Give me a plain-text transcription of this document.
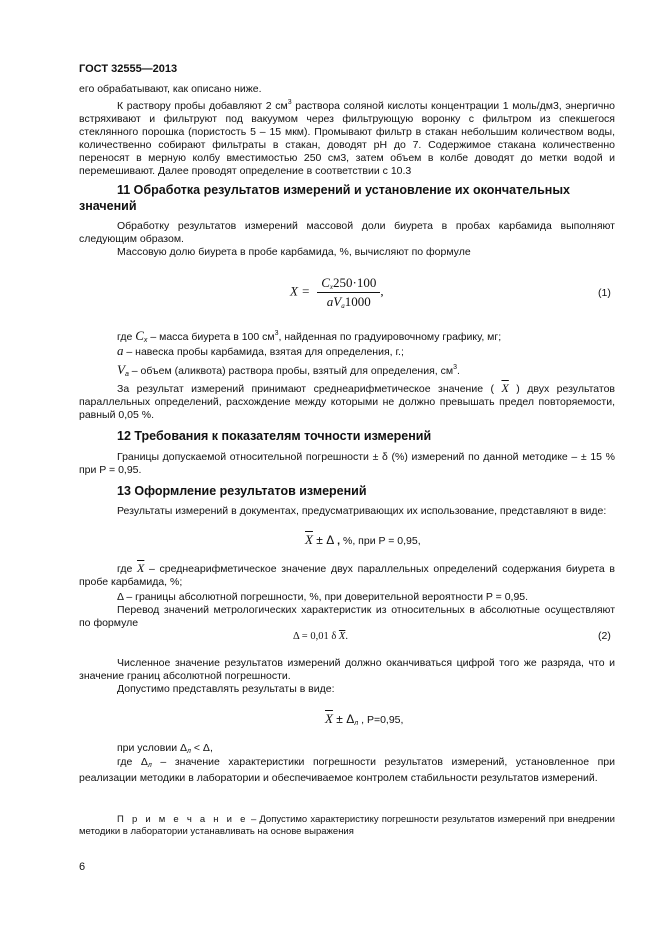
ГОСТ 32555—2013

его обрабатывают, как описано ниже.

К раствору пробы добавляют 2 $см^3$ раствора соляной кислоты концентрации 1 моль/дм3, энергично встряхивают и фильтруют под вакуумом через фильтрующую воронку с фильтром из спекшегося стеклянного порошка (пористость 5 – 15 мкм). Промывают фильтр в стакан небольшим количеством воды, количественно собирают фильтраты в стакан, доводят pH до 7. Содержимое стакана количественно переносят в мерную колбу вместимостью 250 см3, затем объем в колбе доводят до метки водой и перемешивают. Далее проводят определение в соответствии с 10.3

11 Обработка результатов измерений и установление их окончательных значений

Обработку результатов измерений массовой доли биурета в пробах карбамида выполняют следующим образом.

Массовую долю биурета в пробе карбамида, %, вычисляют по формуле

$X = \frac{C_x250\cdot 100}{aV_a1000}$ ,	(1)
где $C_x$ – масса биурета в 100 $см^3$, найденная по градуировочному графику, мг;
a – навеска пробы карбамида, взятая для определения, г.;
$V_a$ – объем (аликвота) раствора пробы, взятый для определения, $см^3$.

За результат измерений принимают среднеарифметическое значение ( $\overline{X}$ ) двух результатов параллельных определений, расхождение между которыми не должно превышать предел повторяемости, равный 0,05 %.

12 Требования к показателям точности измерений

Границы допускаемой относительной погрешности ± δ (%) измерений по данной методике – ± 15 % при P = 0,95.

13 Оформление результатов измерений

Результаты измерений в документах, предусматривающих их использование, представляют в виде:

$\overline{X} \pm \Delta$ , %, при P = 0,95,

где $\overline{X}$ – среднеарифметическое значение двух параллельных определений содержания биурета в пробе карбамида, %;

Δ – границы абсолютной погрешности, %, при доверительной вероятности P = 0,95.

Перевод значений метрологических характеристик из относительных в абсолютные осуществляют по формуле

Δ = 0,01 δ $\overline{X}$.	(2)

Численное значение результатов измерений должно оканчиваться цифрой того же разряда, что и значение границ абсолютной погрешности.

Допустимо представлять результаты в виде:

$\overline{X} \pm \Delta_л$ , P=0,95,
при условии $\Delta_л < \Delta$,

где $\Delta_л$ – значение характеристики погрешности результатов измерений, установленное при реализации методики в лаборатории и обеспечиваемое контролем стабильности результатов измерений.

П р и м е ч а н и е – Допустимо характеристику погрешности результатов измерений при внедрении методики в лаборатории устанавливать на основе выражения

6
